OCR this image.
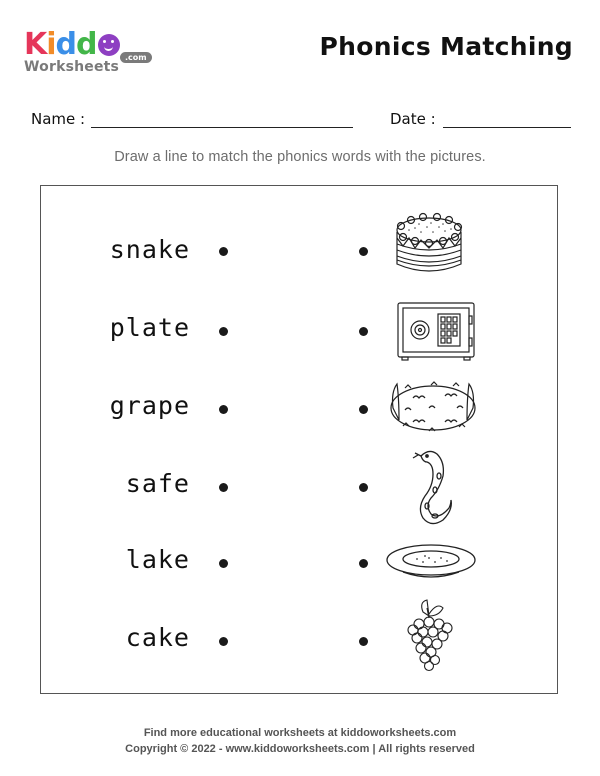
Kidd
Worksheets
.com	Phonics Matching
Name :	Date :
Draw a line to match the phonics words with the pictures.
snake
plate
grape
safe
lake
cake
Find more educational worksheets at kiddoworksheets.com
Copyright © 2022 - www.kiddoworksheets.com | All rights reserved
